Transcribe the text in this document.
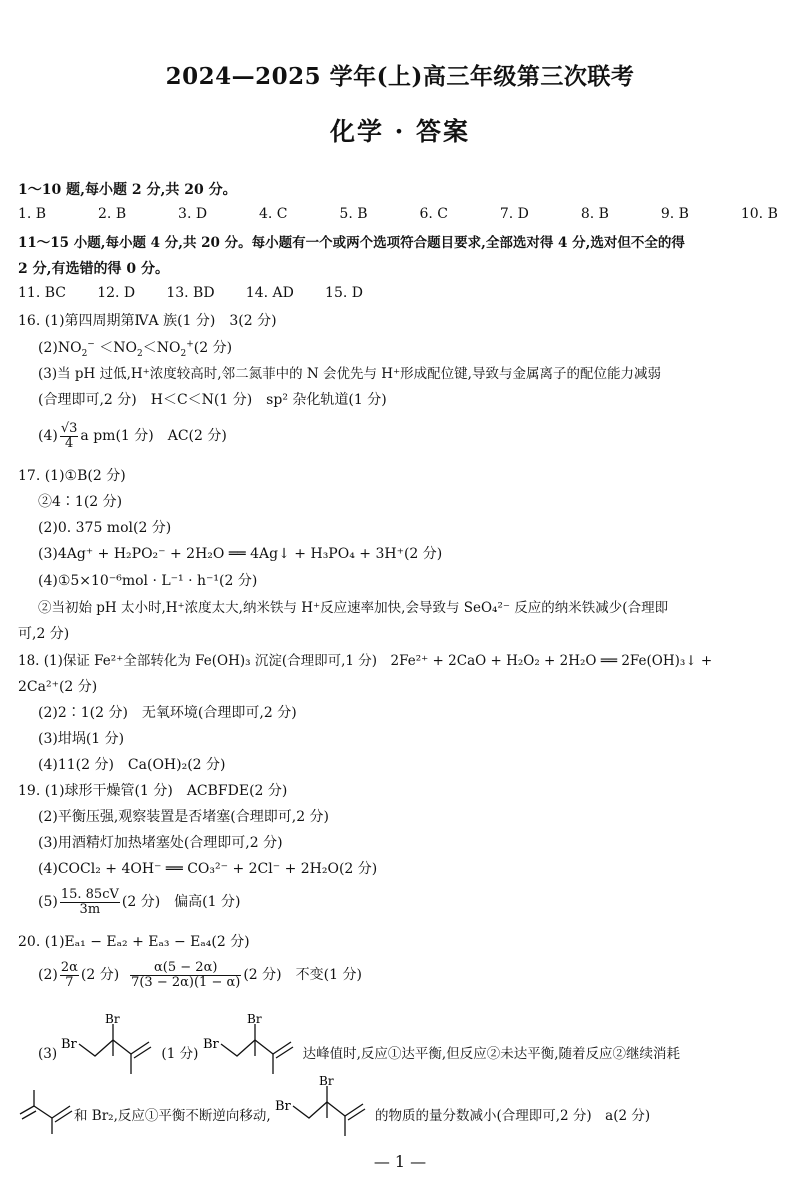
2024—2025 学年(上)高三年级第三次联考
化学 · 答案
1～10 题,每小题 2 分,共 20 分。
1. B	2. B	3. D	4. C	5. B	6. C	7. D	8. B	9. B	10. B
11～15 小题,每小题 4 分,共 20 分。每小题有一个或两个选项符合题目要求,全部选对得 4 分,选对但不全的得
2 分,有选错的得 0 分。
11. BC 12. D 13. BD 14. AD 15. D
16. (1)第四周期第ⅣA 族(1 分)　3(2 分)
$(2)NO_2^- <NO_2<NO_2^+(2$ 分)
(3)当 pH 过低,H⁺浓度较高时,邻二氮菲中的 N 会优先与 H⁺形成配位键,导致与金属离子的配位能力减弱
(合理即可,2 分)　H＜C＜N(1 分)　sp² 杂化轨道(1 分)
$(4) \frac{√3}{4}$ a pm(1 分)　AC(2 分)
17. (1)①B(2 分)
②4∶1(2 分)
(2)0. 375 mol(2 分)
(3)4Ag⁺ + H₂PO₂⁻ + 2H₂O ══ 4Ag↓ + H₃PO₄ + 3H⁺(2 分)
(4)①5×10⁻⁶mol · L⁻¹ · h⁻¹(2 分)
②当初始 pH 太小时,H⁺浓度太大,纳米铁与 H⁺反应速率加快,会导致与 SeO₄²⁻ 反应的纳米铁减少(合理即
可,2 分)
18. (1)保证 Fe²⁺全部转化为 Fe(OH)₃ 沉淀(合理即可,1 分)　2Fe²⁺ + 2CaO + H₂O₂ + 2H₂O ══ 2Fe(OH)₃↓ +
2Ca²⁺(2 分)
(2)2∶1(2 分)　无氧环境(合理即可,2 分)
(3)坩埚(1 分)
(4)11(2 分)　Ca(OH)₂(2 分)
19. (1)球形干燥管(1 分)　ACBFDE(2 分)
(2)平衡压强,观察装置是否堵塞(合理即可,2 分)
(3)用酒精灯加热堵塞处(合理即可,2 分)
(4)COCl₂ + 4OH⁻ ══ CO₃²⁻ + 2Cl⁻ + 2H₂O(2 分)
$(5) \frac{15. 85cV}{3m} (2$ 分)　偏高(1 分)
20. (1)Eₐ₁ − Eₐ₂ + Eₐ₃ − Eₐ₄(2 分)
$(2) \frac{2\alpha}{7} (2$ 分) $\frac{\alpha(5 - 2\alpha)}{7(3 - 2\alpha)(1 - \alpha)} (2$ 分)　不变(1 分)
(3)
Br
Br
(1 分)
Br
Br
达峰值时,反应①达平衡,但反应②未达平衡,随着反应②继续消耗
和 Br₂,反应①平衡不断逆向移动,
Br
Br
的物质的量分数减小(合理即可,2 分)　a(2 分)
— 1 —
